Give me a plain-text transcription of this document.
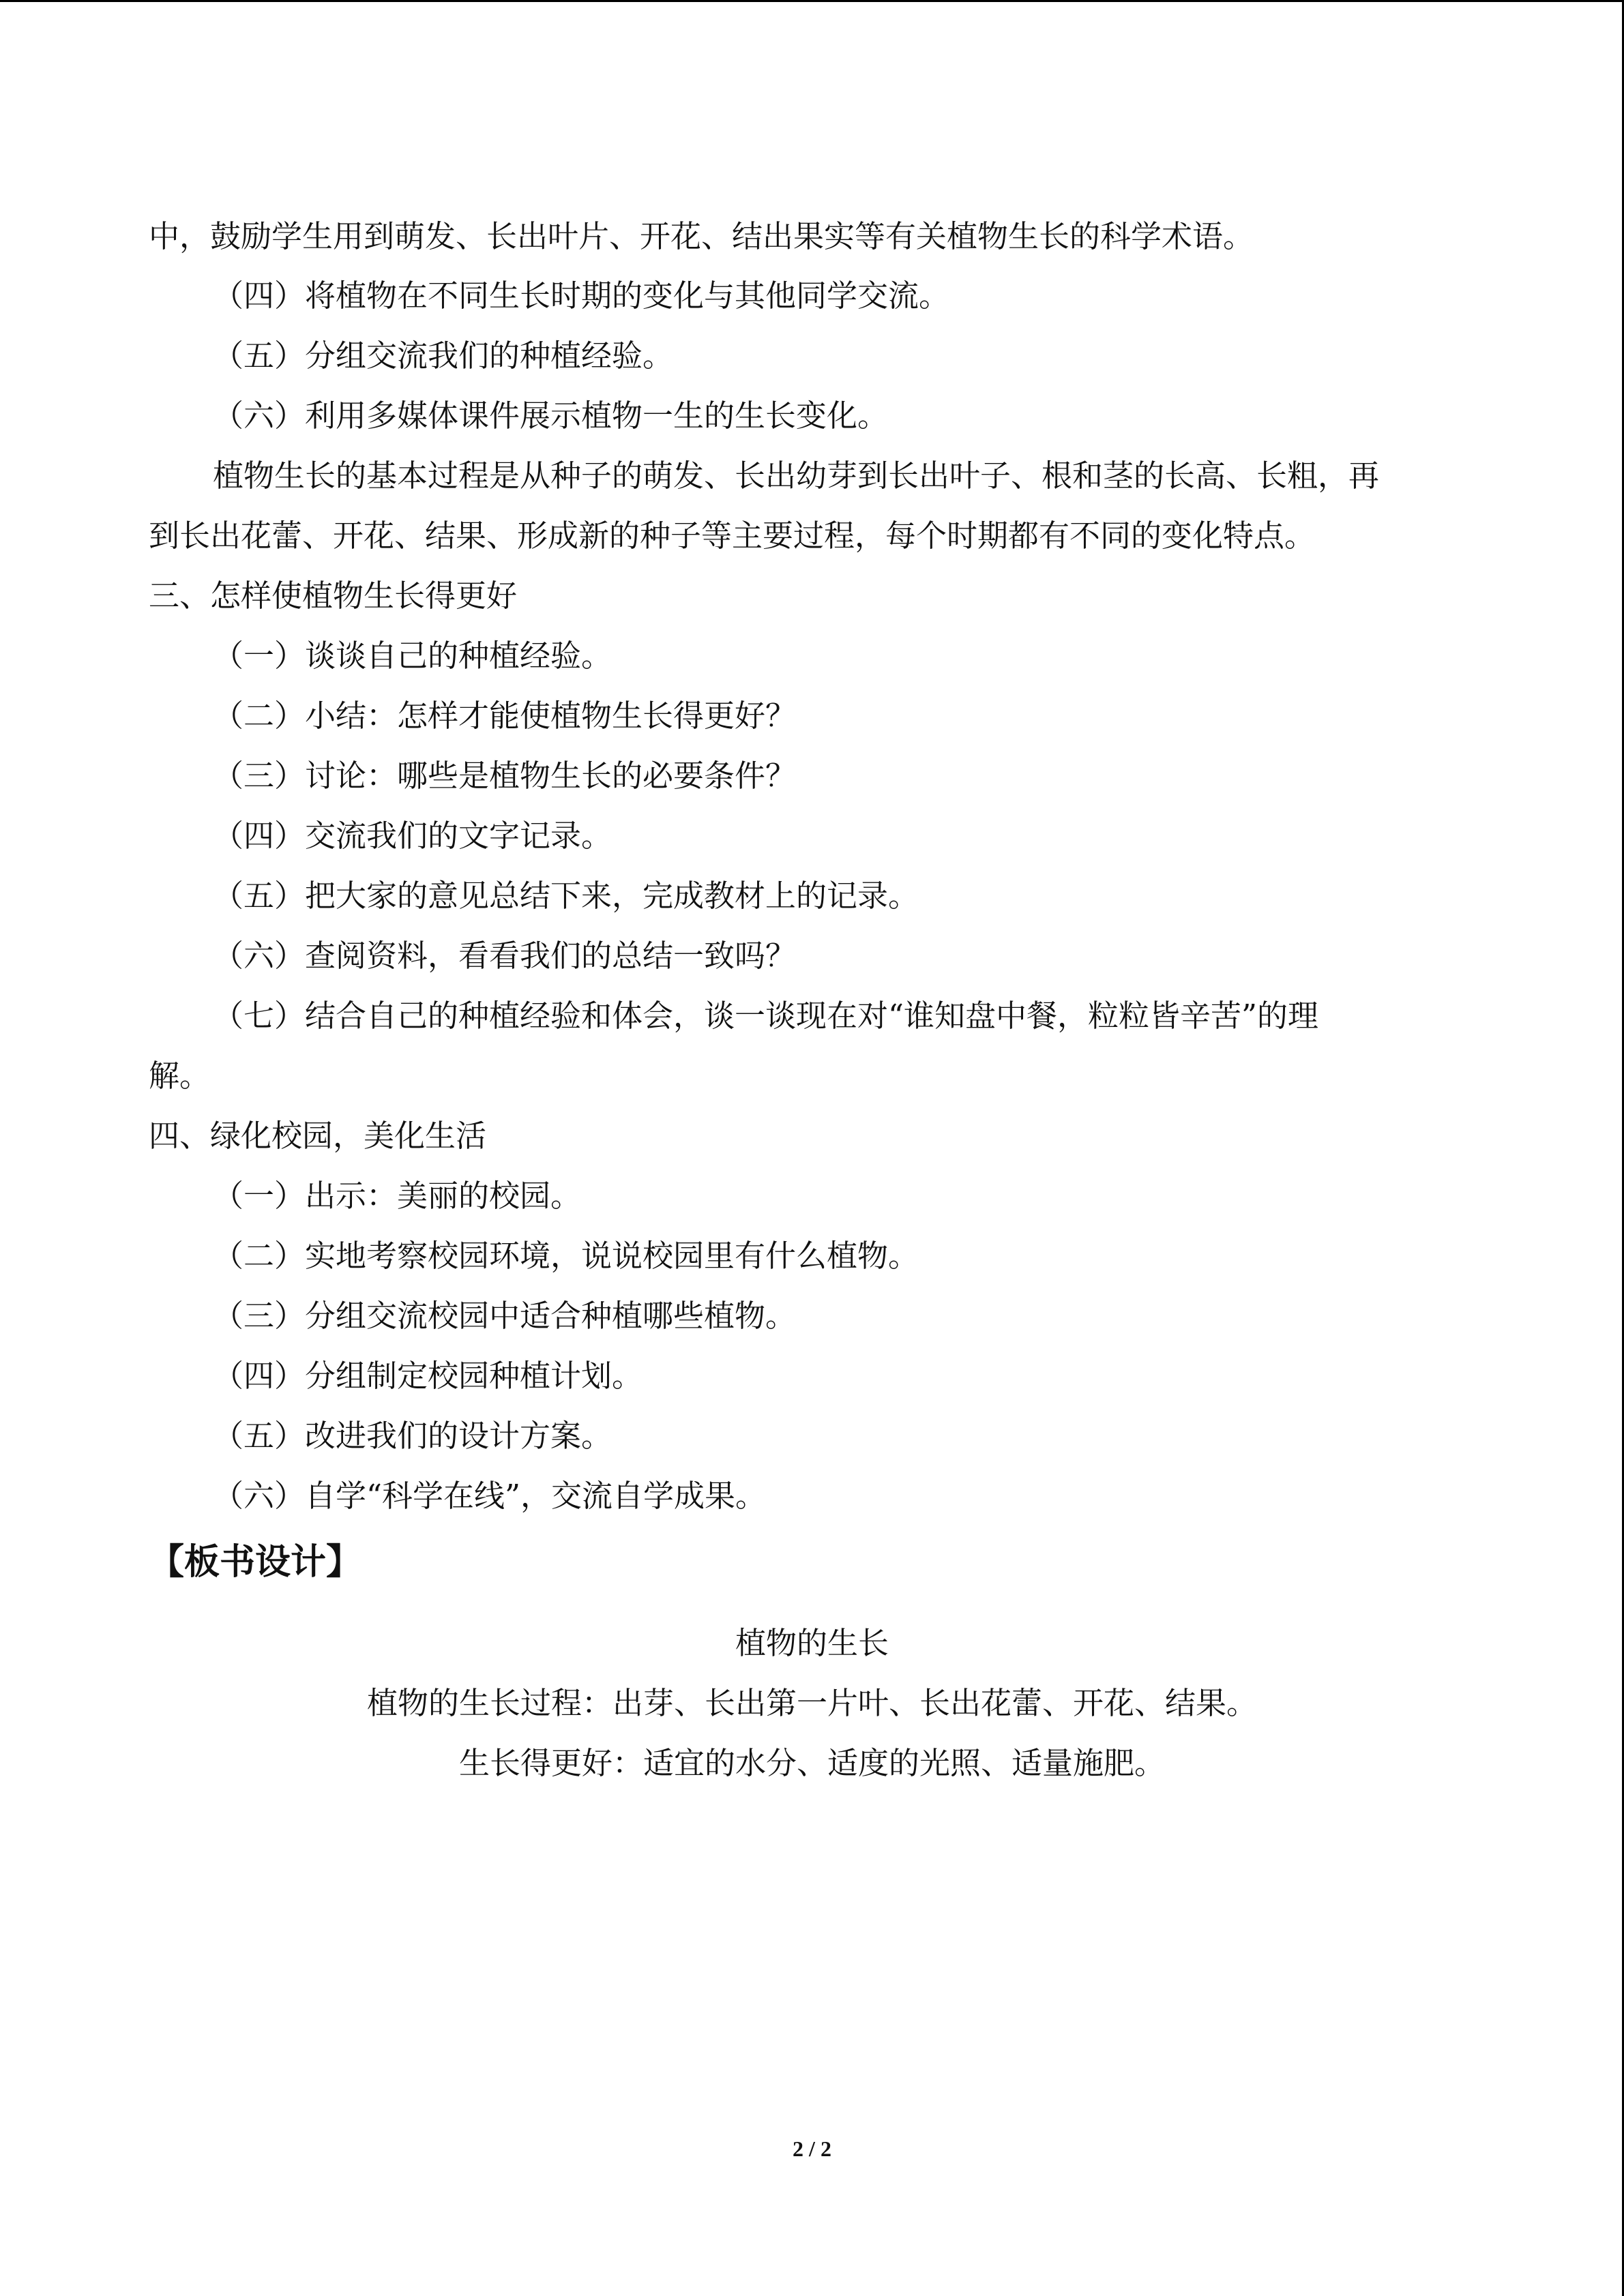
中，鼓励学生用到萌发、长出叶片、开花、结出果实等有关植物生长的科学术语。
（四）将植物在不同生长时期的变化与其他同学交流。
（五）分组交流我们的种植经验。
（六）利用多媒体课件展示植物一生的生长变化。
植物生长的基本过程是从种子的萌发、长出幼芽到长出叶子、根和茎的长高、长粗，再
到长出花蕾、开花、结果、形成新的种子等主要过程，每个时期都有不同的变化特点。
三、怎样使植物生长得更好
（一）谈谈自己的种植经验。
（二）小结：怎样才能使植物生长得更好？
（三）讨论：哪些是植物生长的必要条件？
（四）交流我们的文字记录。
（五）把大家的意见总结下来，完成教材上的记录。
（六）查阅资料，看看我们的总结一致吗？
（七）结合自己的种植经验和体会，谈一谈现在对“谁知盘中餐，粒粒皆辛苦”的理
解。
四、绿化校园，美化生活
（一）出示：美丽的校园。
（二）实地考察校园环境，说说校园里有什么植物。
（三）分组交流校园中适合种植哪些植物。
（四）分组制定校园种植计划。
（五）改进我们的设计方案。
（六）自学“科学在线”，交流自学成果。
【板书设计】
植物的生长
植物的生长过程：出芽、长出第一片叶、长出花蕾、开花、结果。
生长得更好：适宜的水分、适度的光照、适量施肥。
2 / 2
